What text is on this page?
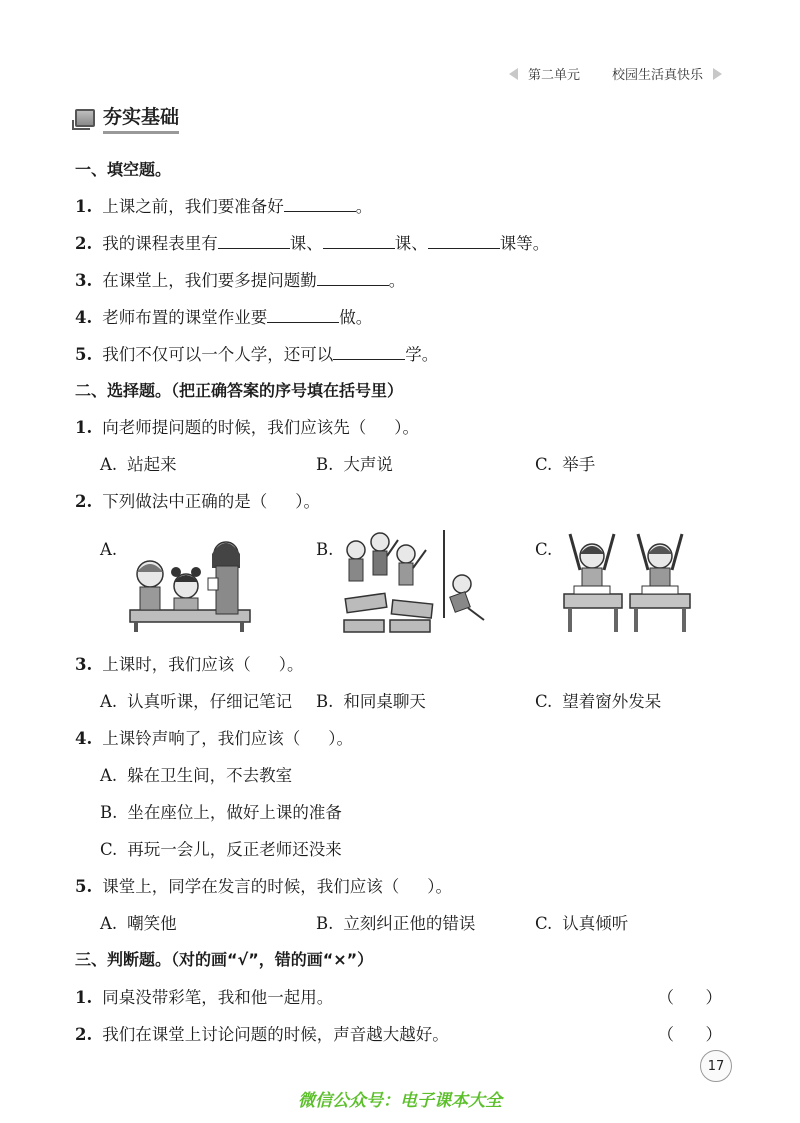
第二单元 校园生活真快乐
夯实基础
一、填空题。
1. 上课之前，我们要准备好	。
2. 我的课程表里有	课、	课、	课等。
3. 在课堂上，我们要多提问题勤	。
4. 老师布置的课堂作业要	做。
5. 我们不仅可以一个人学，还可以	学。
二、选择题。（把正确答案的序号填在括号里）
1. 向老师提问题的时候，我们应该先（ ）。
A. 站起来	B. 大声说	C. 举手
2. 下列做法中正确的是（ ）。
A.	B.	C.
3. 上课时，我们应该（ ）。
A. 认真听课，仔细记笔记 B. 和同桌聊天	C. 望着窗外发呆
4. 上课铃声响了，我们应该（ ）。
A. 躲在卫生间，不去教室
B. 坐在座位上，做好上课的准备
C. 再玩一会儿，反正老师还没来
5. 课堂上，同学在发言的时候，我们应该（ ）。
A. 嘲笑他	B. 立刻纠正他的错误	C. 认真倾听
三、判断题。（对的画“√”，错的画“×”）
1. 同桌没带彩笔，我和他一起用。	（      ）
2. 我们在课堂上讨论问题的时候，声音越大越好。	（      ）
17
微信公众号：电子课本大全
